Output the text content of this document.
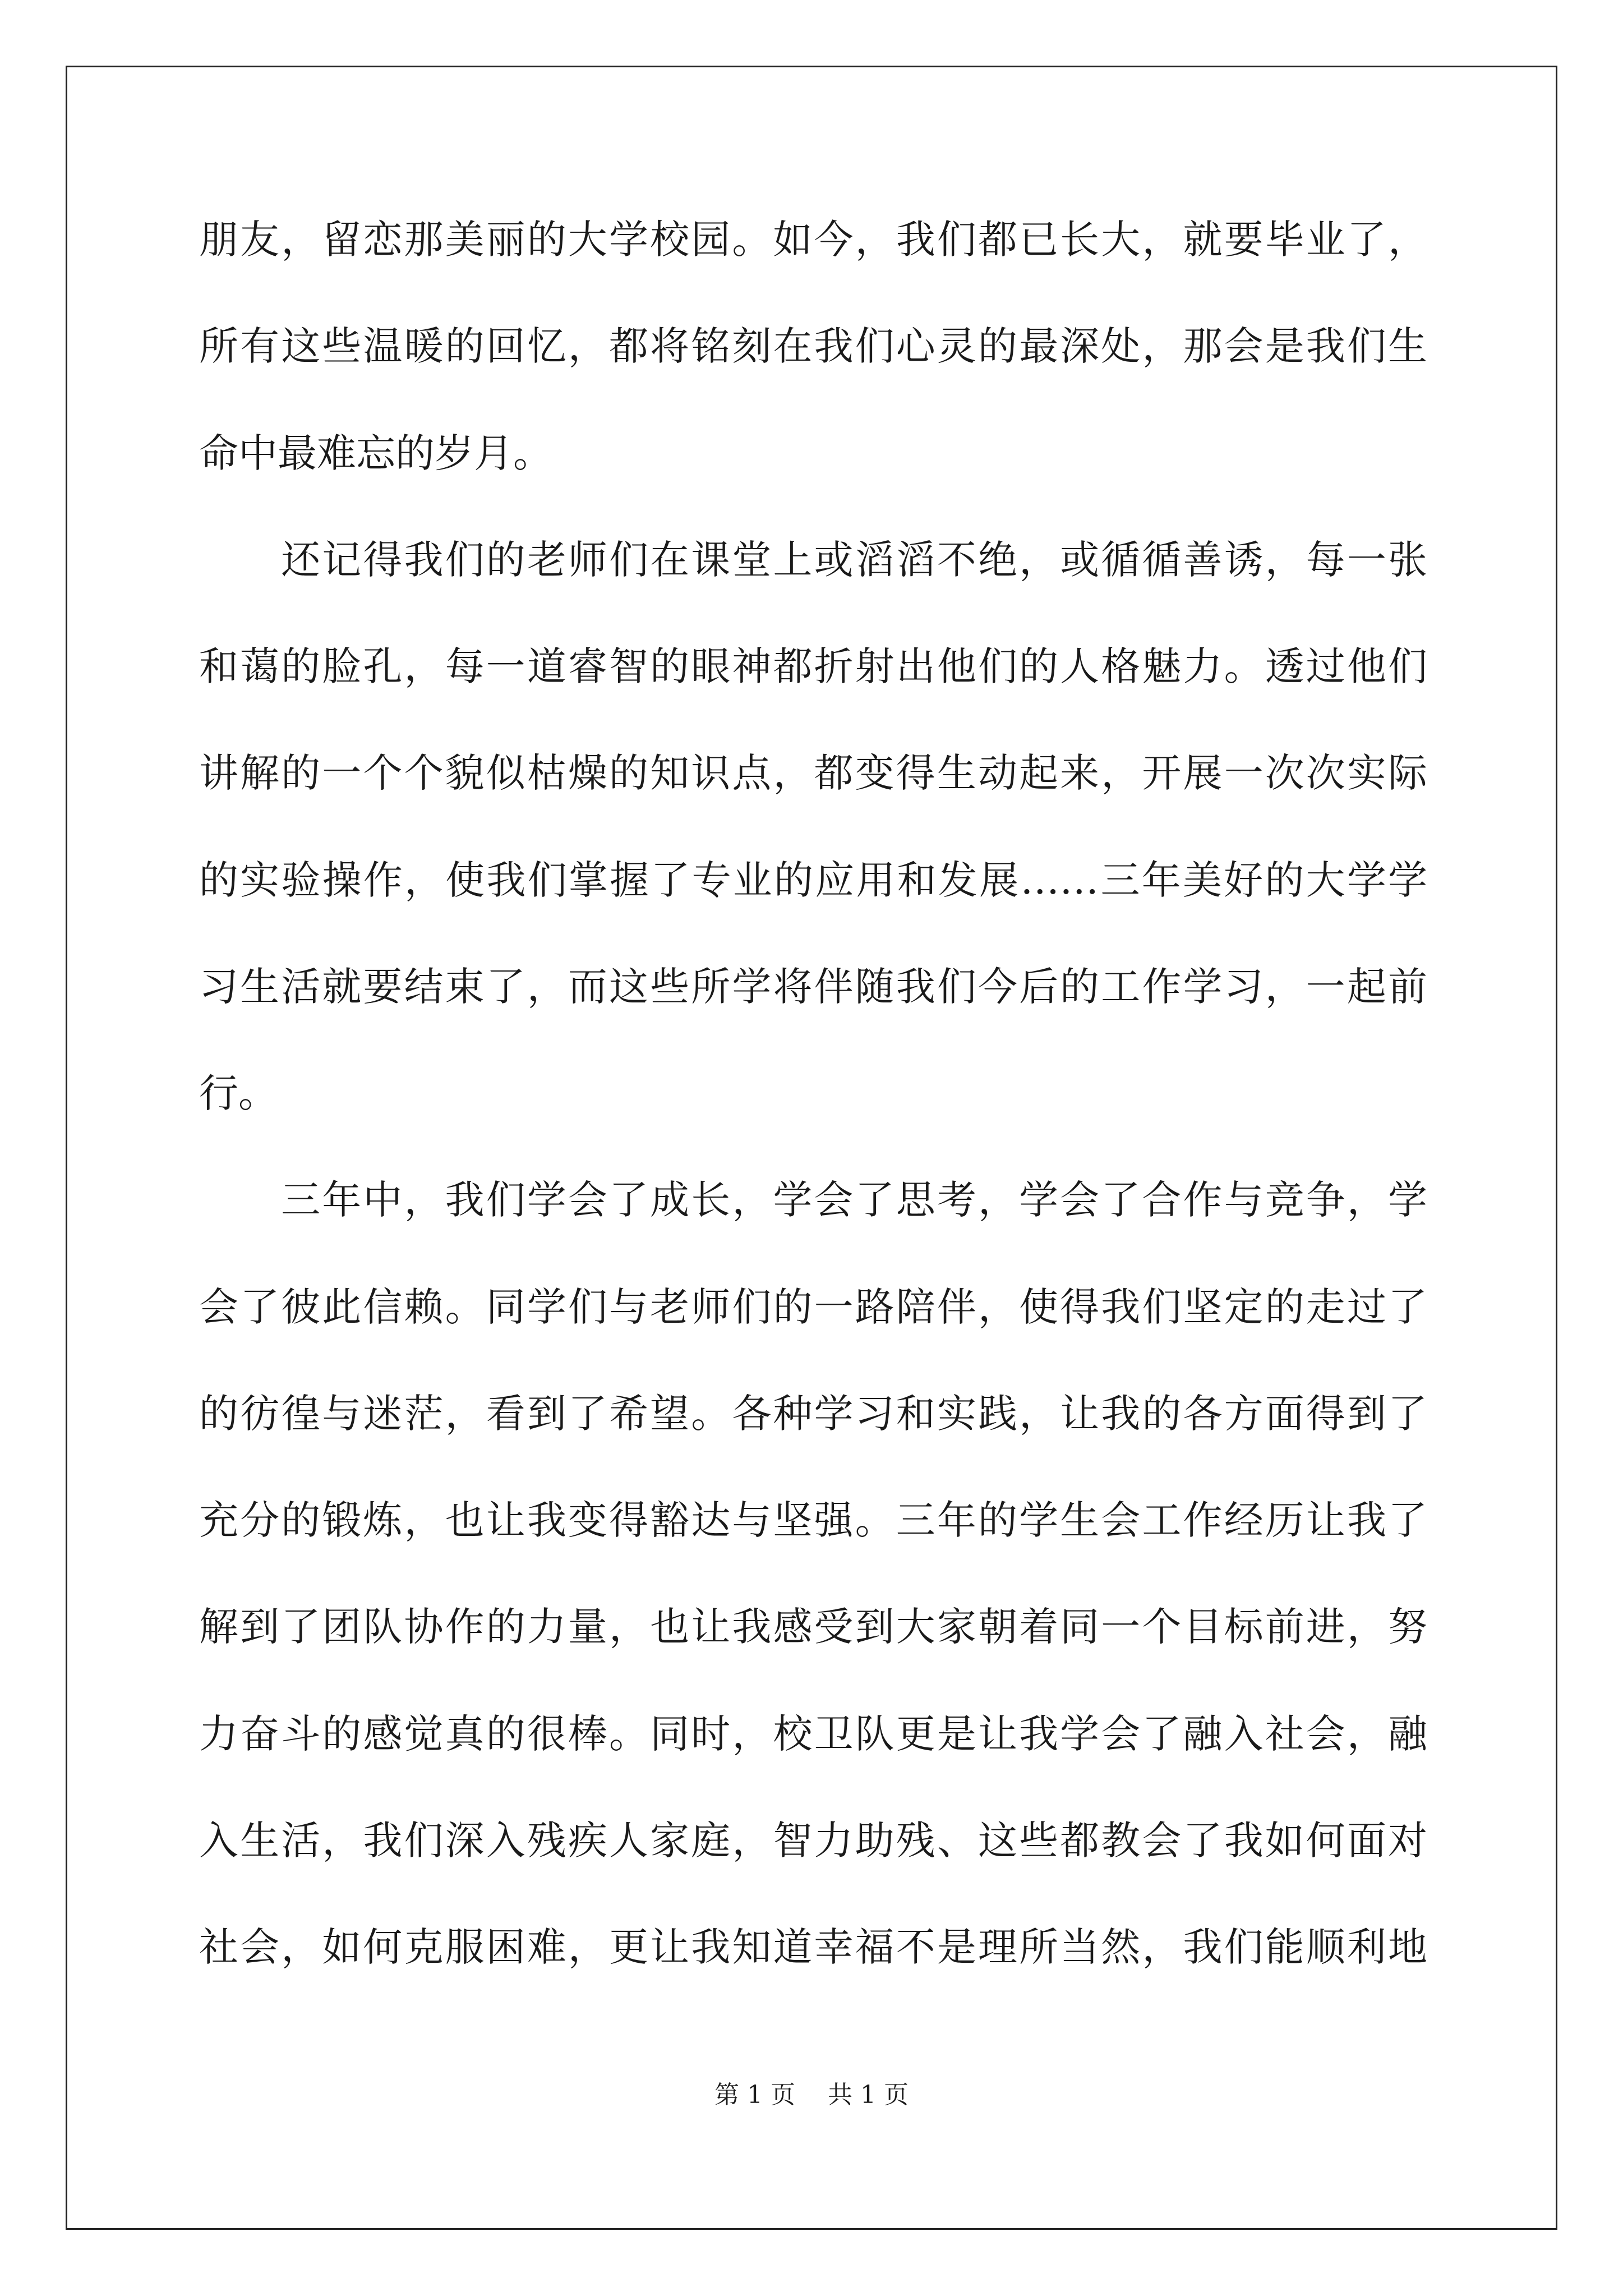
朋友，留恋那美丽的大学校园。如今，我们都已长大，就要毕业了，
所有这些温暖的回忆，都将铭刻在我们心灵的最深处，那会是我们生
命中最难忘的岁月。
　　还记得我们的老师们在课堂上或滔滔不绝，或循循善诱，每一张
和蔼的脸孔，每一道睿智的眼神都折射出他们的人格魅力。透过他们
讲解的一个个貌似枯燥的知识点，都变得生动起来，开展一次次实际
的实验操作，使我们掌握了专业的应用和发展……三年美好的大学学
习生活就要结束了，而这些所学将伴随我们今后的工作学习，一起前
行。
　　三年中，我们学会了成长，学会了思考，学会了合作与竞争，学
会了彼此信赖。同学们与老师们的一路陪伴，使得我们坚定的走过了
的彷徨与迷茫，看到了希望。各种学习和实践，让我的各方面得到了
充分的锻炼，也让我变得豁达与坚强。三年的学生会工作经历让我了
解到了团队协作的力量，也让我感受到大家朝着同一个目标前进，努
力奋斗的感觉真的很棒。同时，校卫队更是让我学会了融入社会，融
入生活，我们深入残疾人家庭，智力助残、这些都教会了我如何面对
社会，如何克服困难，更让我知道幸福不是理所当然，我们能顺利地
第 1 页　 共 1 页
